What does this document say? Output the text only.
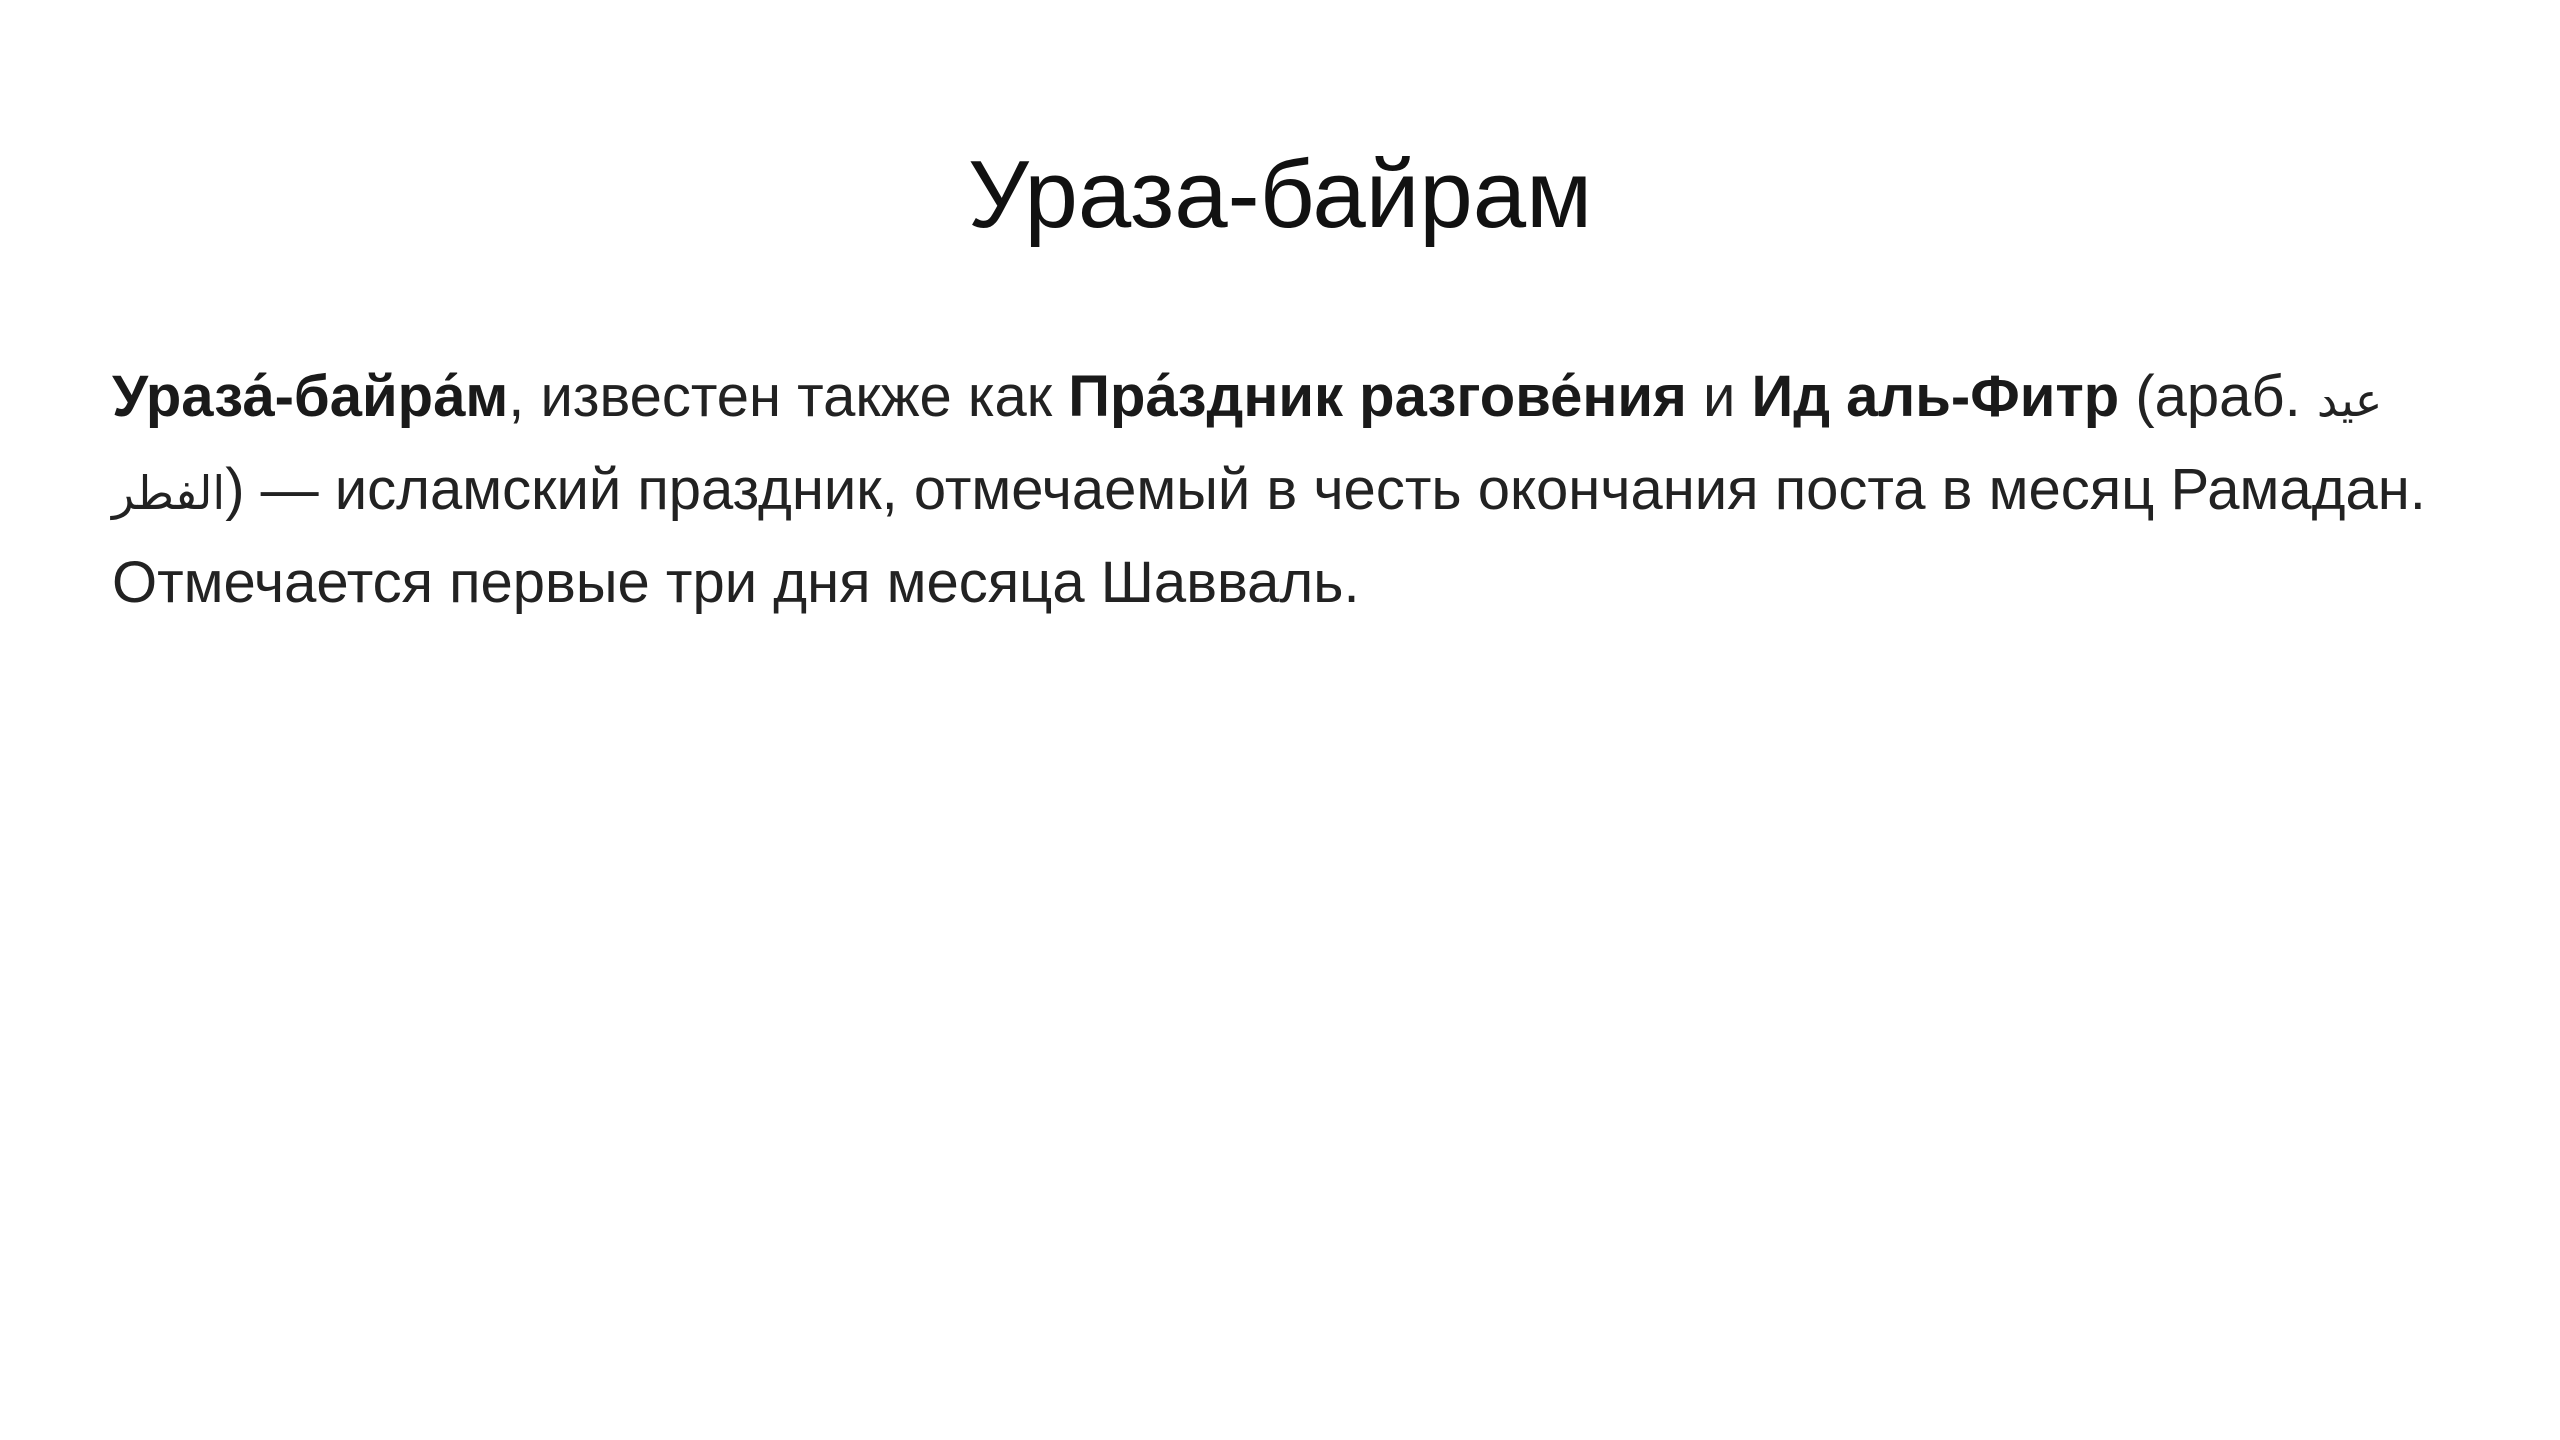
Ураза-байрам

Ураза́-байра́м, известен также как Пра́здник разгове́ния и Ид аль-Фитр (араб. عيد الفطر) — исламский праздник, отмечаемый в честь окончания поста в месяц Рамадан. Отмечается первые три дня месяца Шавваль.
